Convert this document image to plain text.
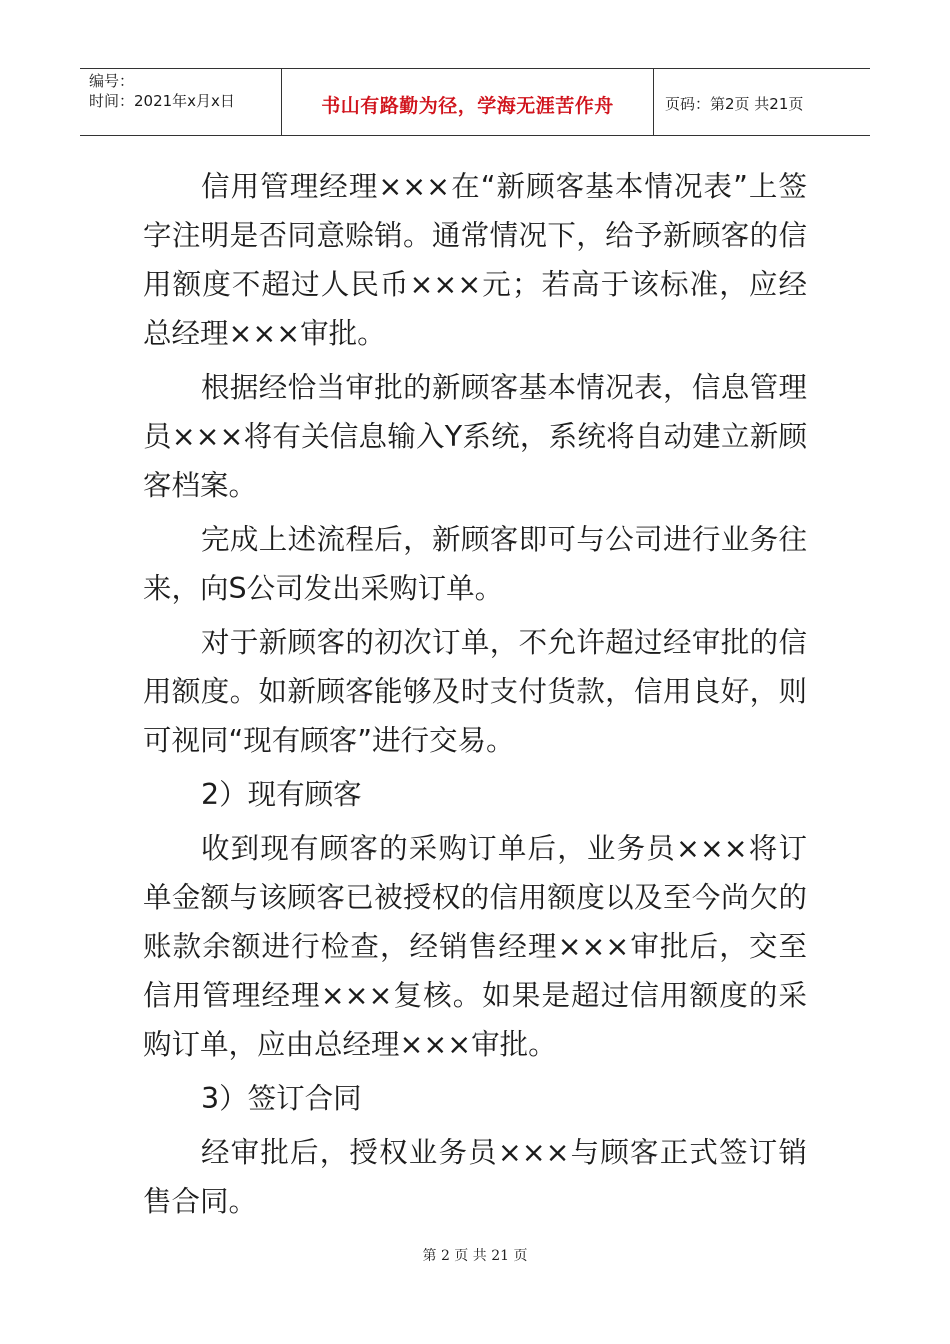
编号：
时间：2021年x月x日	书山有路勤为径，学海无涯苦作舟	页码：第2页 共21页

信用管理经理×××在“新顾客基本情况表”上签字注明是否同意赊销。通常情况下，给予新顾客的信用额度不超过人民币×××元；若高于该标准，应经总经理×××审批。

根据经恰当审批的新顾客基本情况表，信息管理员×××将有关信息输入Y系统，系统将自动建立新顾客档案。

完成上述流程后，新顾客即可与公司进行业务往来，向S公司发出采购订单。

对于新顾客的初次订单，不允许超过经审批的信用额度。如新顾客能够及时支付货款，信用良好，则可视同“现有顾客”进行交易。

2）现有顾客

收到现有顾客的采购订单后，业务员×××将订单金额与该顾客已被授权的信用额度以及至今尚欠的账款余额进行检查，经销售经理×××审批后，交至信用管理经理×××复核。如果是超过信用额度的采购订单，应由总经理×××审批。

3）签订合同

经审批后，授权业务员×××与顾客正式签订销售合同。

第 2 页 共 21 页
